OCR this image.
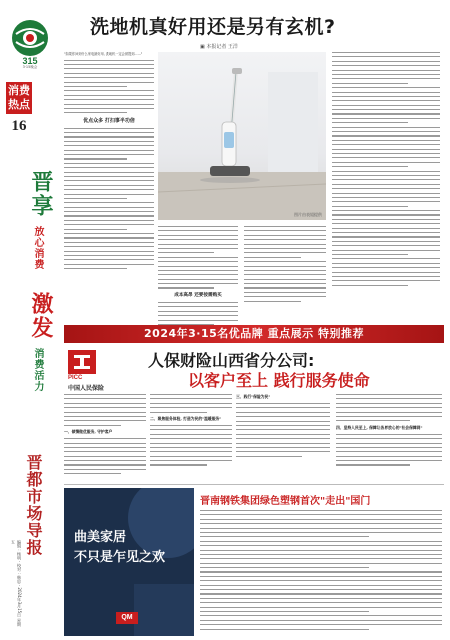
315
3·15晚会
消费热点
16
晋享
放心消费
激发
消费活力
晋都市场导报
编辑 : 杨明 · 校对 : 韩思 · 2024年3月15日 星期五
洗地机真好用还是另有玄机?
▣ 本报记者 王洋
"如果你问到什么家电最好用, 洗地机一定会被提到……"
优点众多 打扫事半功倍
图片由表姐提供
成本高昂 还要按需购买
2024年3·15名优品牌 重点展示 特别推荐
PICC
中国人民保险
人保财险山西省分公司:
以客户至上 践行服务使命
一、倾情做优服务, 守护客户
二、聚焦服务体验, 打造为民的"温暖服务"
三、践行"保险为民"
四、坚持人民至上, 保障让各界放心的"社会保障网"
曲美家居
不只是乍见之欢
QM
晋南钢铁集团绿色塑钢首次"走出"国门
